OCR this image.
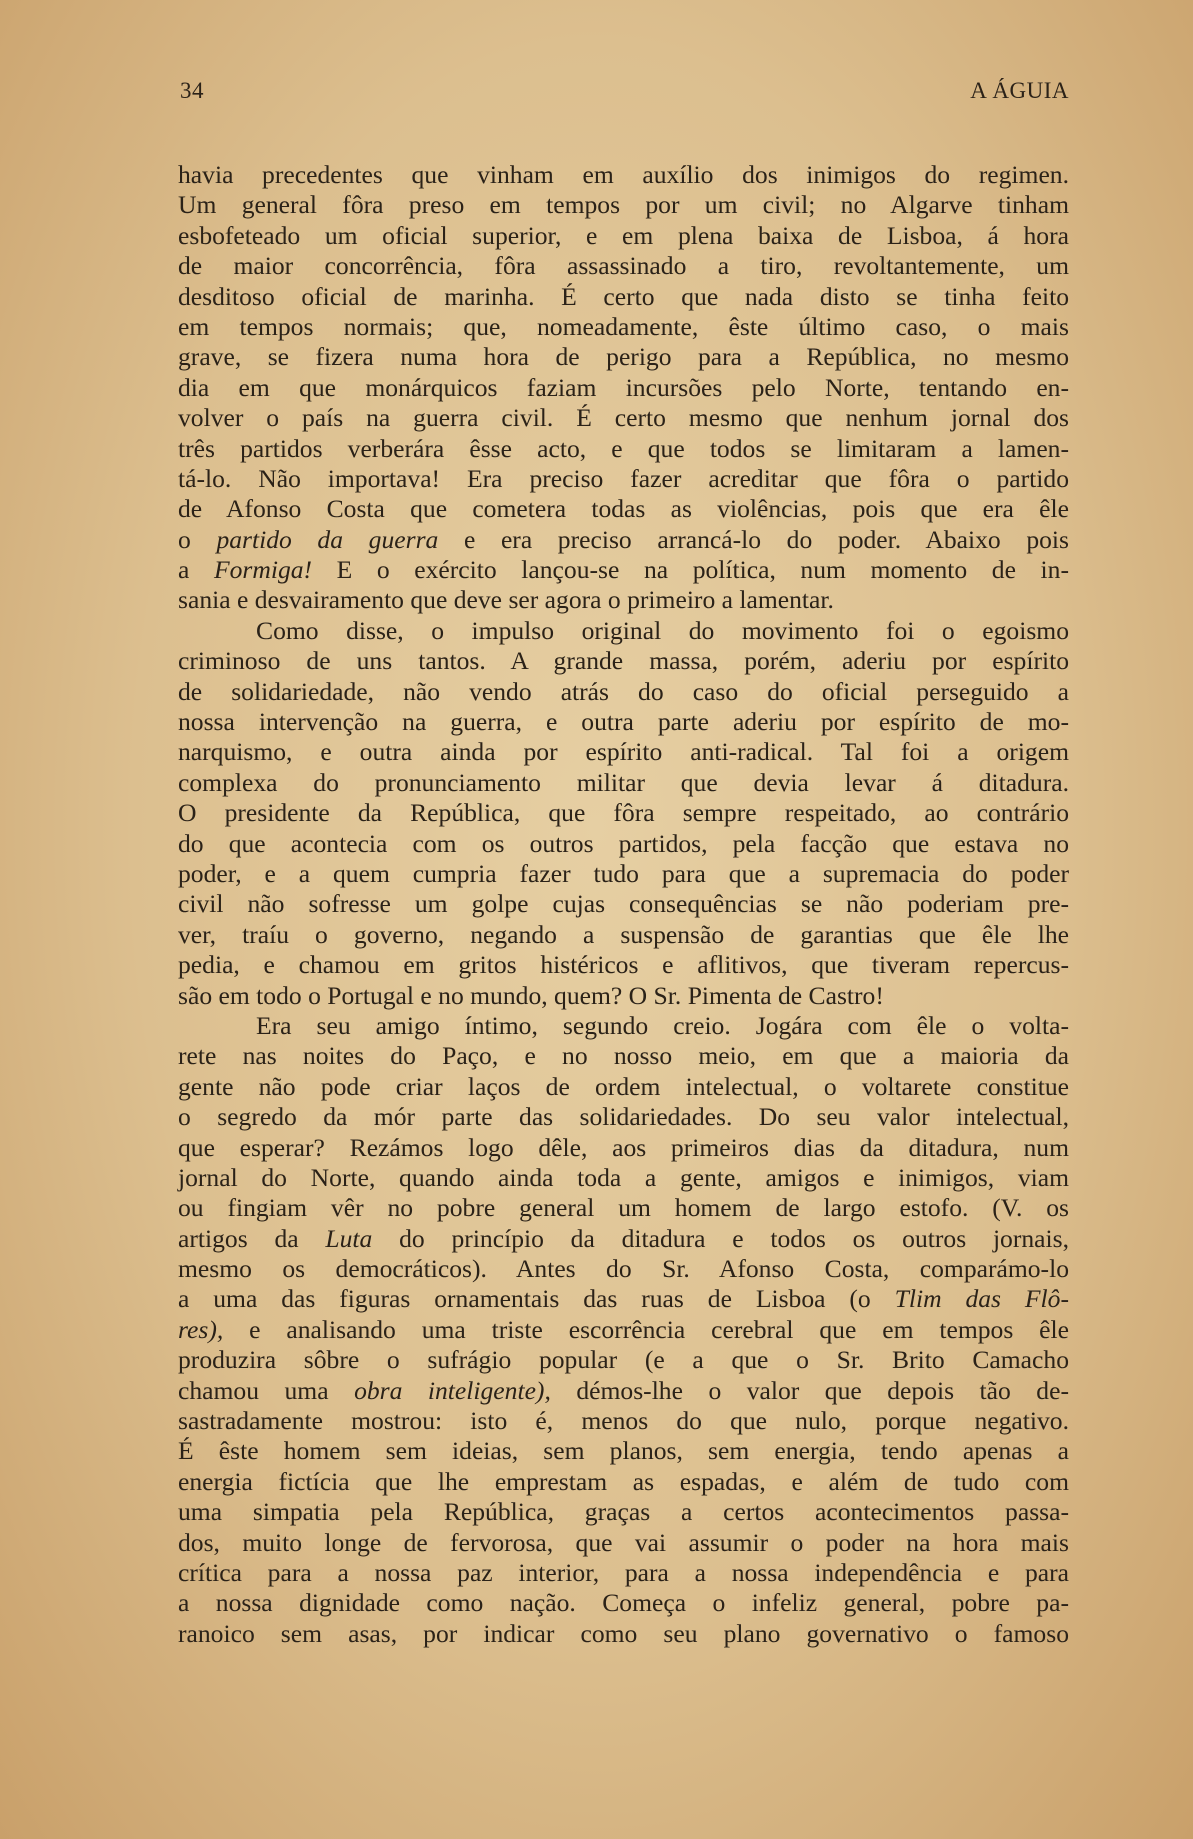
34	A ÁGUIA
havia precedentes que vinham em auxílio dos inimigos do regimen.
Um general fôra preso em tempos por um civil; no Algarve tinham
esbofeteado um oficial superior, e em plena baixa de Lisboa, á hora
de maior concorrência, fôra assassinado a tiro, revoltantemente, um
desditoso oficial de marinha. É certo que nada disto se tinha feito
em tempos normais; que, nomeadamente, êste último caso, o mais
grave, se fizera numa hora de perigo para a República, no mesmo
dia em que monárquicos faziam incursões pelo Norte, tentando en-
volver o país na guerra civil. É certo mesmo que nenhum jornal dos
três partidos verberára êsse acto, e que todos se limitaram a lamen-
tá-lo. Não importava! Era preciso fazer acreditar que fôra o partido
de Afonso Costa que cometera todas as violências, pois que era êle
o partido da guerra e era preciso arrancá-lo do poder. Abaixo pois
a Formiga! E o exército lançou-se na política, num momento de in-
sania e desvairamento que deve ser agora o primeiro a lamentar.
Como disse, o impulso original do movimento foi o egoismo
criminoso de uns tantos. A grande massa, porém, aderiu por espírito
de solidariedade, não vendo atrás do caso do oficial perseguido a
nossa intervenção na guerra, e outra parte aderiu por espírito de mo-
narquismo, e outra ainda por espírito anti-radical. Tal foi a origem
complexa do pronunciamento militar que devia levar á ditadura.
O presidente da República, que fôra sempre respeitado, ao contrário
do que acontecia com os outros partidos, pela facção que estava no
poder, e a quem cumpria fazer tudo para que a supremacia do poder
civil não sofresse um golpe cujas consequências se não poderiam pre-
ver, traíu o governo, negando a suspensão de garantias que êle lhe
pedia, e chamou em gritos histéricos e aflitivos, que tiveram repercus-
são em todo o Portugal e no mundo, quem? O Sr. Pimenta de Castro!
Era seu amigo íntimo, segundo creio. Jogára com êle o volta-
rete nas noites do Paço, e no nosso meio, em que a maioria da
gente não pode criar laços de ordem intelectual, o voltarete constitue
o segredo da mór parte das solidariedades. Do seu valor intelectual,
que esperar? Rezámos logo dêle, aos primeiros dias da ditadura, num
jornal do Norte, quando ainda toda a gente, amigos e inimigos, viam
ou fingiam vêr no pobre general um homem de largo estofo. (V. os
artigos da Luta do princípio da ditadura e todos os outros jornais,
mesmo os democráticos). Antes do Sr. Afonso Costa, comparámo-lo
a uma das figuras ornamentais das ruas de Lisboa (o Tlim das Flô-
res), e analisando uma triste escorrência cerebral que em tempos êle
produzira sôbre o sufrágio popular (e a que o Sr. Brito Camacho
chamou uma obra inteligente), démos-lhe o valor que depois tão de-
sastradamente mostrou: isto é, menos do que nulo, porque negativo.
É êste homem sem ideias, sem planos, sem energia, tendo apenas a
energia fictícia que lhe emprestam as espadas, e além de tudo com
uma simpatia pela República, graças a certos acontecimentos passa-
dos, muito longe de fervorosa, que vai assumir o poder na hora mais
crítica para a nossa paz interior, para a nossa independência e para
a nossa dignidade como nação. Começa o infeliz general, pobre pa-
ranoico sem asas, por indicar como seu plano governativo o famoso
